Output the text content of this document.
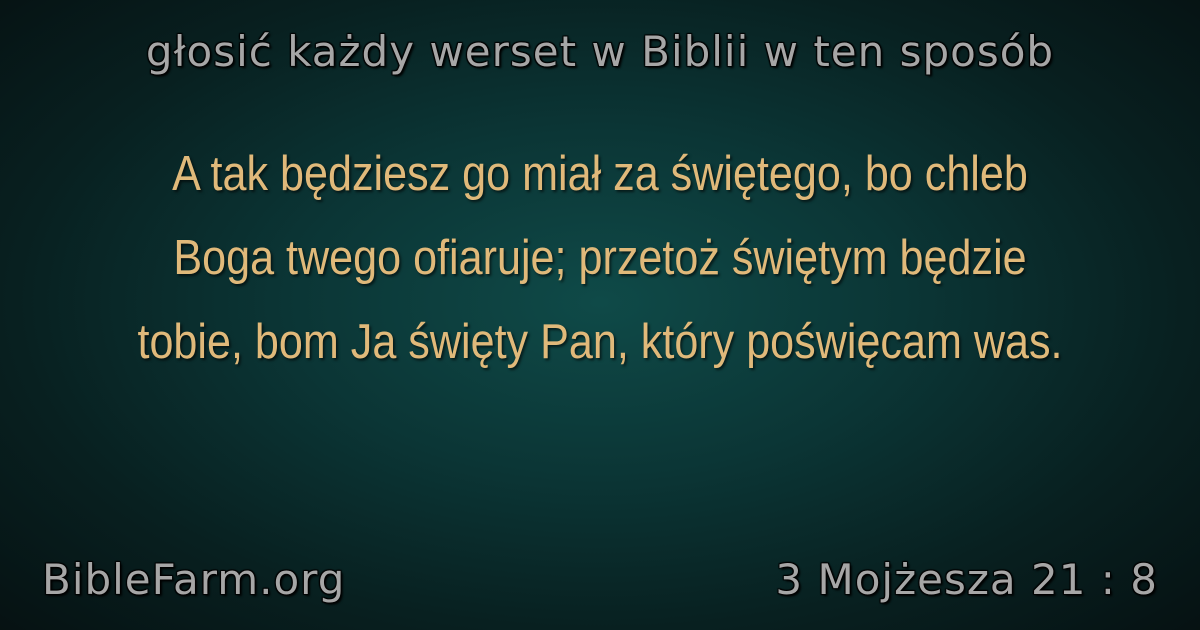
głosić każdy werset w Biblii w ten sposób
A tak będziesz go miał za świętego, bo chleb Boga twego ofiaruje; przetoż świętym będzie tobie, bom Ja święty Pan, który poświęcam was.
BibleFarm.org	3 Mojżesza 21 : 8
